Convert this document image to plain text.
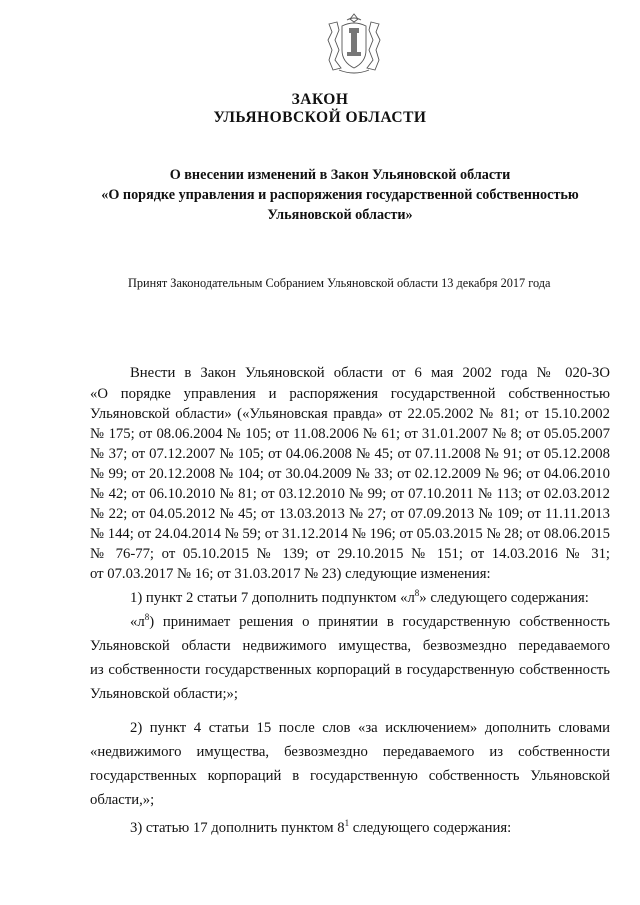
ЗАКОН
УЛЬЯНОВСКОЙ ОБЛАСТИ
О внесении изменений в Закон Ульяновской области
«О порядке управления и распоряжения государственной собственностью
Ульяновской области»
Принят Законодательным Собранием Ульяновской области 13 декабря 2017 года
Внести в Закон Ульяновской области от 6 мая 2002 года № 020-ЗО
«О порядке управления и распоряжения государственной собственностью
Ульяновской области» («Ульяновская правда» от 22.05.2002 № 81; от 15.10.2002
№ 175; от 08.06.2004 № 105; от 11.08.2006 № 61; от 31.01.2007 № 8; от 05.05.2007
№ 37; от 07.12.2007 № 105; от 04.06.2008 № 45; от 07.11.2008 № 91; от 05.12.2008
№ 99; от 20.12.2008 № 104; от 30.04.2009 № 33; от 02.12.2009 № 96; от 04.06.2010
№ 42; от 06.10.2010 № 81; от 03.12.2010 № 99; от 07.10.2011 № 113; от 02.03.2012
№ 22; от 04.05.2012 № 45; от 13.03.2013 № 27; от 07.09.2013 № 109; от 11.11.2013
№ 144; от 24.04.2014 № 59; от 31.12.2014 № 196; от 05.03.2015 № 28; от 08.06.2015
№ 76-77; от 05.10.2015 № 139; от 29.10.2015 № 151; от 14.03.2016 № 31;
от 07.03.2017 № 16; от 31.03.2017 № 23) следующие изменения:
1) пункт 2 статьи 7 дополнить подпунктом «$л^8$» следующего содержания:
«$л^8$) принимает решения о принятии в государственную собственность
Ульяновской области недвижимого имущества, безвозмездно передаваемого
из собственности государственных корпораций в государственную собственность
Ульяновской области;»;
2) пункт 4 статьи 15 после слов «за исключением» дополнить словами
«недвижимого имущества, безвозмездно передаваемого из собственности
государственных корпораций в государственную собственность Ульяновской
области,»;
3) статью 17 дополнить пунктом $8^1$ следующего содержания:
